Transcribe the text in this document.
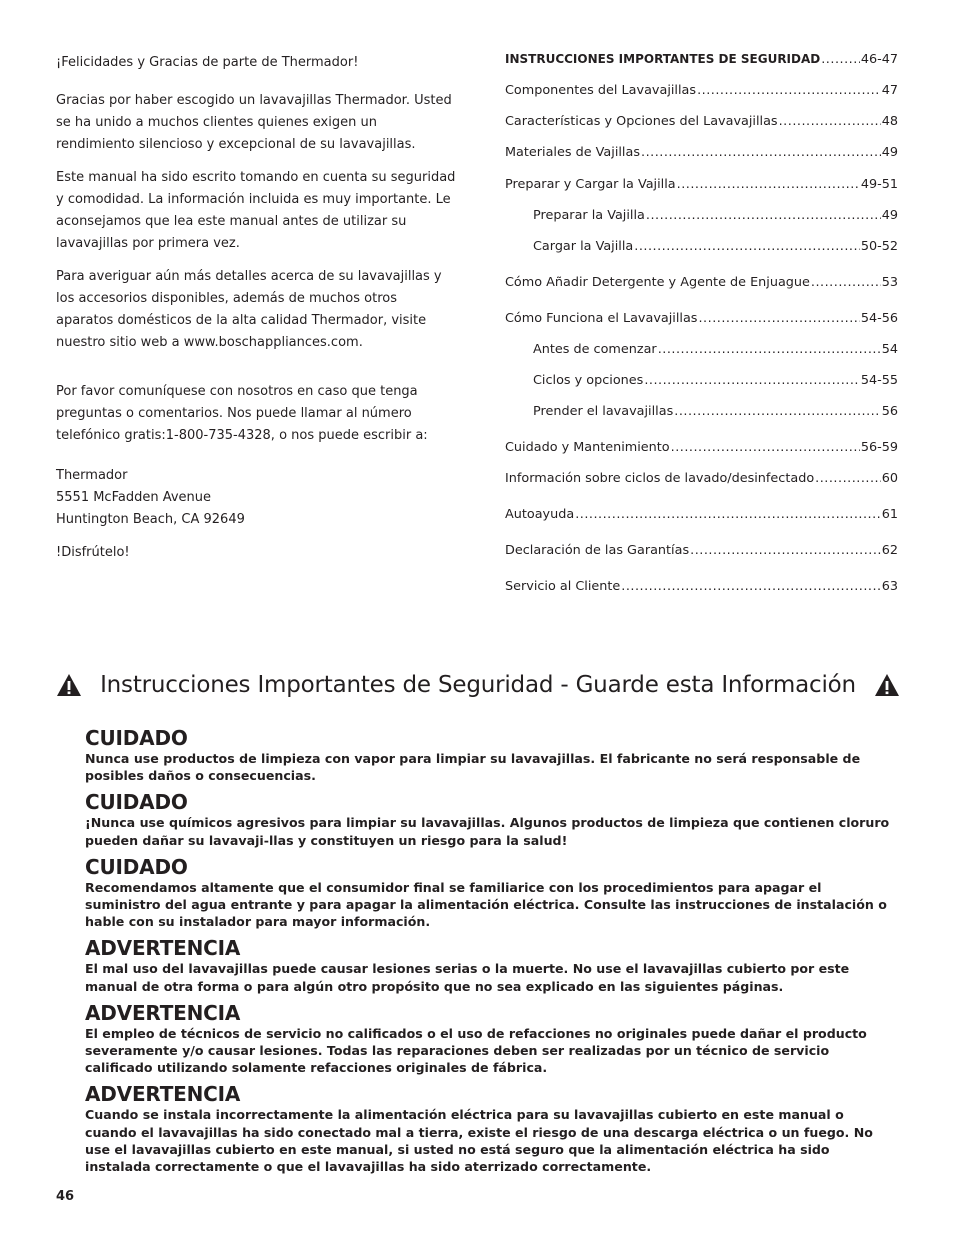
¡Felicidades y Gracias de parte de Thermador!

Gracias por haber escogido un lavavajillas Thermador. Usted se ha unido a muchos clientes quienes exigen un rendimiento silencioso y excepcional de su lavavajillas.

Este manual ha sido escrito tomando en cuenta su seguridad y comodidad. La información incluida es muy importante. Le aconsejamos que lea este manual antes de utilizar su lavavajillas por primera vez.

Para averiguar aún más detalles acerca de su lavavajillas y los accesorios disponibles, además de muchos otros aparatos domésticos de la alta calidad Thermador, visite nuestro sitio web a www.boschappliances.com.

Por favor comuníquese con nosotros en caso que tenga preguntas o comentarios. Nos puede llamar al número telefónico gratis:1-800-735-4328, o nos puede escribir a:

Thermador
5551 McFadden Avenue
Huntington Beach, CA 92649

!Disfrútelo!

INSTRUCCIONES IMPORTANTES DE SEGURIDAD .....	46-47
Componentes del Lavavajillas .....	47
Características y Opciones del Lavavajillas .....	48
Materiales de Vajillas .....	49
Preparar y Cargar la Vajilla .....	49-51
Preparar la Vajilla .....	49
Cargar la Vajilla .....	50-52
Cómo Añadir Detergente y Agente de Enjuague .....	53
Cómo Funciona el Lavavajillas .....	54-56
Antes de comenzar .....	54
Ciclos y opciones .....	54-55
Prender el lavavajillas .....	56
Cuidado y Mantenimiento .....	56-59
Información sobre ciclos de lavado/desinfectado .....	60
Autoayuda .....	61
Declaración de las Garantías .....	62
Servicio al Cliente .....	63
Instrucciones Importantes de Seguridad - Guarde esta Información
CUIDADO

Nunca use productos de limpieza con vapor para limpiar su lavavajillas. El fabricante no será responsable de posibles daños o consecuencias.

CUIDADO

¡Nunca use químicos agresivos para limpiar su lavavajillas. Algunos productos de limpieza que contienen cloruro pueden dañar su lavavaji-llas y constituyen un riesgo para la salud!

CUIDADO

Recomendamos altamente que el consumidor final se familiarice con los procedimientos para apagar el suministro del agua entrante y para apagar la alimentación eléctrica. Consulte las instrucciones de instalación o hable con su instalador para mayor información.

ADVERTENCIA

El mal uso del lavavajillas puede causar lesiones serias o la muerte. No use el lavavajillas cubierto por este manual de otra forma o para algún otro propósito que no sea explicado en las siguientes páginas.

ADVERTENCIA

El empleo de técnicos de servicio no calificados o el uso de refacciones no originales puede dañar el producto severamente y/o causar lesiones. Todas las reparaciones deben ser realizadas por un técnico de servicio calificado utilizando solamente refacciones originales de fábrica.

ADVERTENCIA

Cuando se instala incorrectamente la alimentación eléctrica para su lavavajillas cubierto en este manual o cuando el lavavajillas ha sido conectado mal a tierra, existe el riesgo de una descarga eléctrica o un fuego. No use el lavavajillas cubierto en este manual, si usted no está seguro que la alimentación eléctrica ha sido instalada correctamente o que el lavavajillas ha sido aterrizado correctamente.

46
